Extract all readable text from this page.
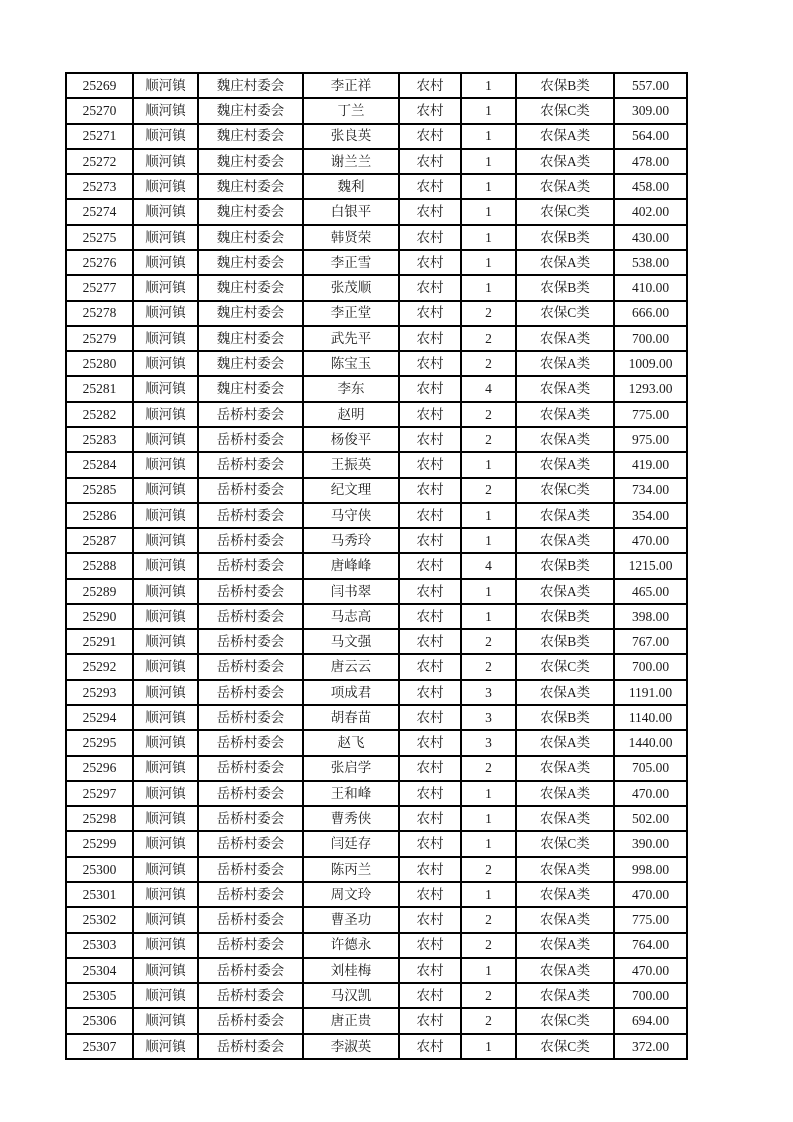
25269	顺河镇	魏庄村委会	李正祥	农村	1	农保B类	557.00
25270	顺河镇	魏庄村委会	丁兰	农村	1	农保C类	309.00
25271	顺河镇	魏庄村委会	张良英	农村	1	农保A类	564.00
25272	顺河镇	魏庄村委会	谢兰兰	农村	1	农保A类	478.00
25273	顺河镇	魏庄村委会	魏利	农村	1	农保A类	458.00
25274	顺河镇	魏庄村委会	白银平	农村	1	农保C类	402.00
25275	顺河镇	魏庄村委会	韩贤荣	农村	1	农保B类	430.00
25276	顺河镇	魏庄村委会	李正雪	农村	1	农保A类	538.00
25277	顺河镇	魏庄村委会	张茂顺	农村	1	农保B类	410.00
25278	顺河镇	魏庄村委会	李正堂	农村	2	农保C类	666.00
25279	顺河镇	魏庄村委会	武先平	农村	2	农保A类	700.00
25280	顺河镇	魏庄村委会	陈宝玉	农村	2	农保A类	1009.00
25281	顺河镇	魏庄村委会	李东	农村	4	农保A类	1293.00
25282	顺河镇	岳桥村委会	赵明	农村	2	农保A类	775.00
25283	顺河镇	岳桥村委会	杨俊平	农村	2	农保A类	975.00
25284	顺河镇	岳桥村委会	王振英	农村	1	农保A类	419.00
25285	顺河镇	岳桥村委会	纪文理	农村	2	农保C类	734.00
25286	顺河镇	岳桥村委会	马守侠	农村	1	农保A类	354.00
25287	顺河镇	岳桥村委会	马秀玲	农村	1	农保A类	470.00
25288	顺河镇	岳桥村委会	唐峰峰	农村	4	农保B类	1215.00
25289	顺河镇	岳桥村委会	闫书翠	农村	1	农保A类	465.00
25290	顺河镇	岳桥村委会	马志高	农村	1	农保B类	398.00
25291	顺河镇	岳桥村委会	马文强	农村	2	农保B类	767.00
25292	顺河镇	岳桥村委会	唐云云	农村	2	农保C类	700.00
25293	顺河镇	岳桥村委会	项成君	农村	3	农保A类	1191.00
25294	顺河镇	岳桥村委会	胡春苗	农村	3	农保B类	1140.00
25295	顺河镇	岳桥村委会	赵飞	农村	3	农保A类	1440.00
25296	顺河镇	岳桥村委会	张启学	农村	2	农保A类	705.00
25297	顺河镇	岳桥村委会	王和峰	农村	1	农保A类	470.00
25298	顺河镇	岳桥村委会	曹秀侠	农村	1	农保A类	502.00
25299	顺河镇	岳桥村委会	闫廷存	农村	1	农保C类	390.00
25300	顺河镇	岳桥村委会	陈丙兰	农村	2	农保A类	998.00
25301	顺河镇	岳桥村委会	周文玲	农村	1	农保A类	470.00
25302	顺河镇	岳桥村委会	曹圣功	农村	2	农保A类	775.00
25303	顺河镇	岳桥村委会	许德永	农村	2	农保A类	764.00
25304	顺河镇	岳桥村委会	刘桂梅	农村	1	农保A类	470.00
25305	顺河镇	岳桥村委会	马汉凯	农村	2	农保A类	700.00
25306	顺河镇	岳桥村委会	唐正贵	农村	2	农保C类	694.00
25307	顺河镇	岳桥村委会	李淑英	农村	1	农保C类	372.00
